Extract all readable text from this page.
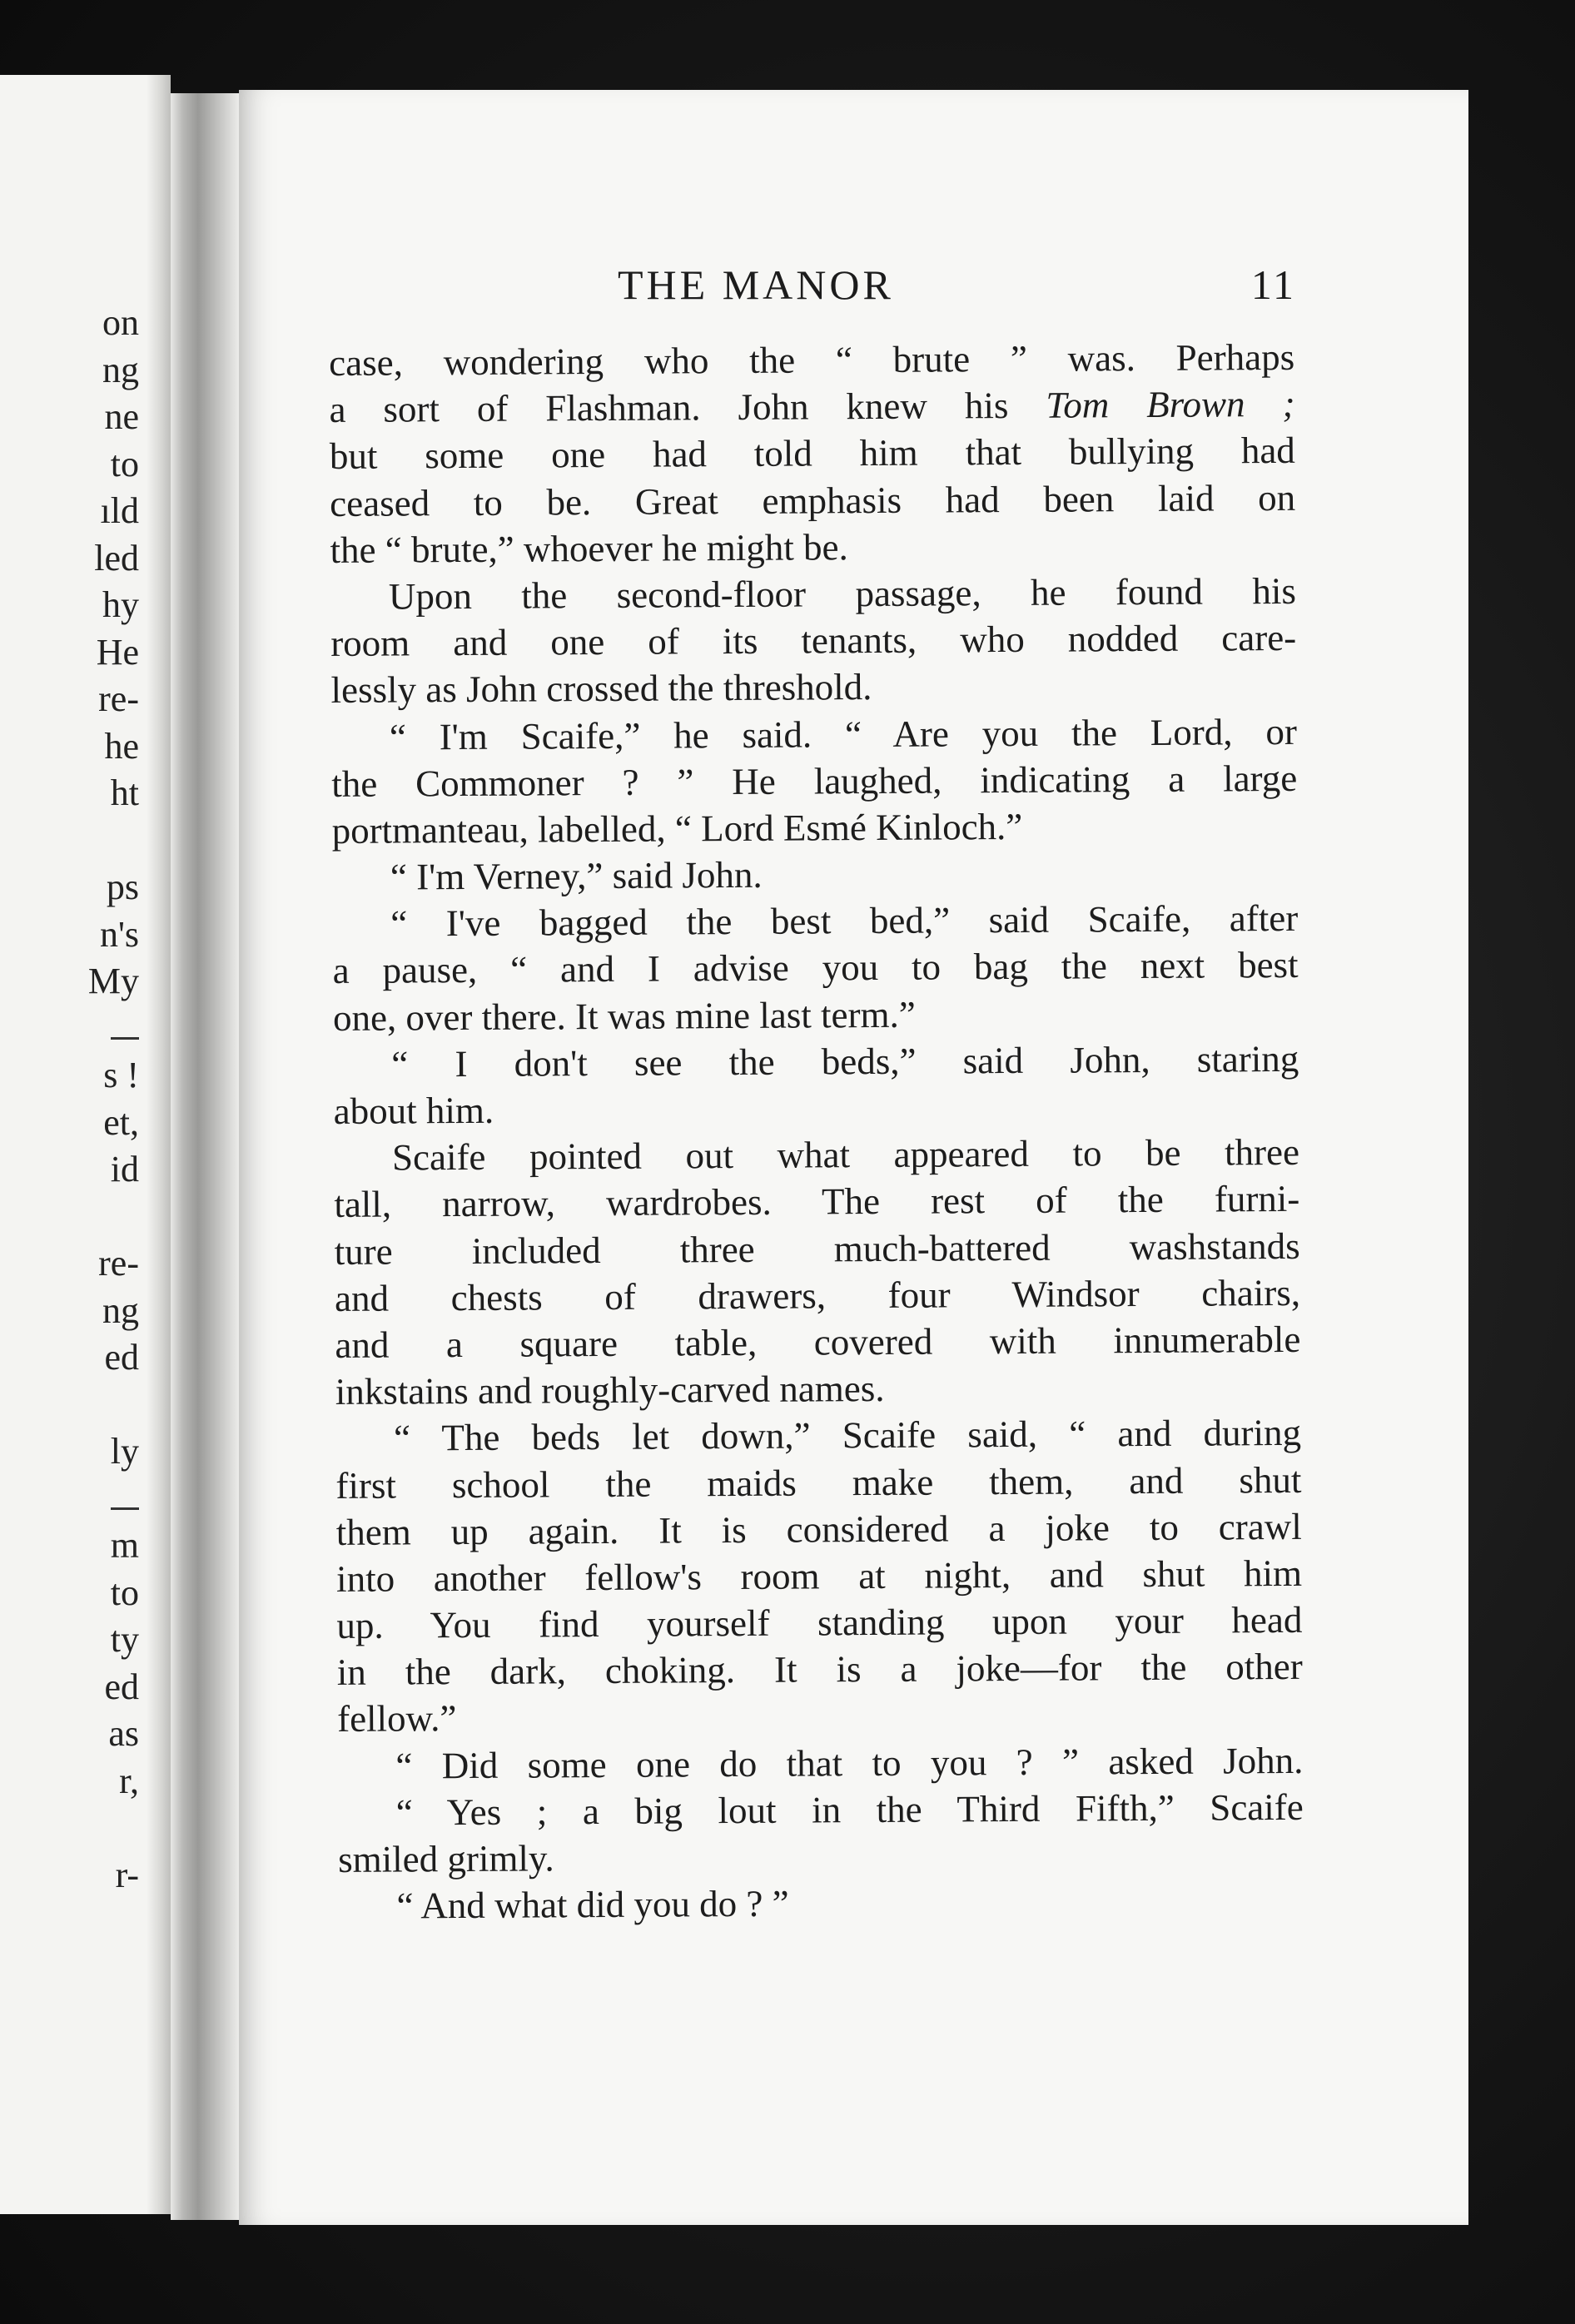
on
ng
ne
to
ıld
led
hy
He
re-
he
ht
ps
n's
My
s !
et,
id
re-
ng
ed
ly
m
to
ty
ed
as
r,
r-
THE MANOR	11
case, wondering who the “ brute ” was. Perhaps
a sort of Flashman. John knew his Tom Brown ;
but some one had told him that bullying had
ceased to be. Great emphasis had been laid on
the “ brute,” whoever he might be.
Upon the second-floor passage, he found his
room and one of its tenants, who nodded care-
lessly as John crossed the threshold.
“ I'm Scaife,” he said. “ Are you the Lord, or
the Commoner ? ” He laughed, indicating a large
portmanteau, labelled, “ Lord Esmé Kinloch.”
“ I'm Verney,” said John.
“ I've bagged the best bed,” said Scaife, after
a pause, “ and I advise you to bag the next best
one, over there. It was mine last term.”
“ I don't see the beds,” said John, staring
about him.
Scaife pointed out what appeared to be three
tall, narrow, wardrobes. The rest of the furni-
ture included three much-battered washstands
and chests of drawers, four Windsor chairs,
and a square table, covered with innumerable
inkstains and roughly-carved names.
“ The beds let down,” Scaife said, “ and during
first school the maids make them, and shut
them up again. It is considered a joke to crawl
into another fellow's room at night, and shut him
up. You find yourself standing upon your head
in the dark, choking. It is a joke—for the other
fellow.”
“ Did some one do that to you ? ” asked John.
“ Yes ; a big lout in the Third Fifth,” Scaife
smiled grimly.
“ And what did you do ? ”
